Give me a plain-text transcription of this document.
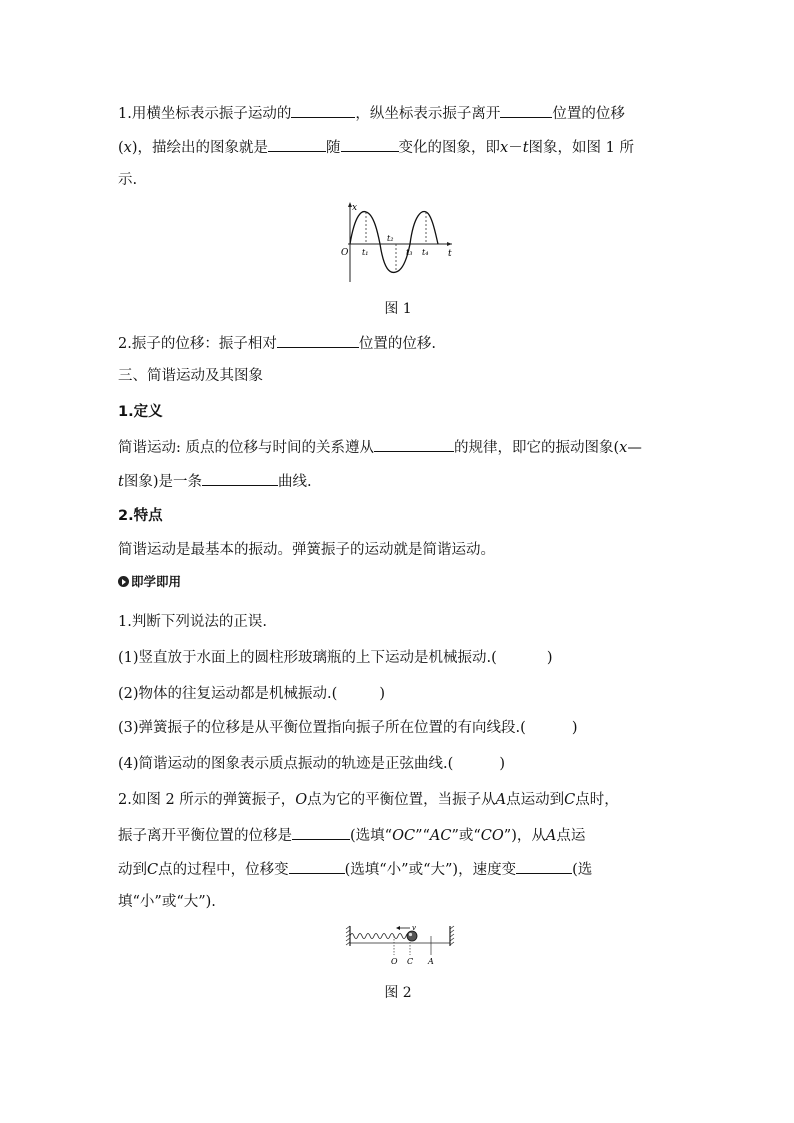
1.用横坐标表示振子运动的	，纵坐标表示振子离开	位置的位移
(x)，描绘出的图象就是	随	变化的图象，即x－t图象，如图 1 所
示.
x
t
O t₁
t₂
t₃ t₄
图 1
2.振子的位移：振子相对	位置的位移.
三、简谐运动及其图象
1.定义
简谐运动: 质点的位移与时间的关系遵从	的规律，即它的振动图象(x—
t图象)是一条	曲线.
2.特点
简谐运动是最基本的振动。弹簧振子的运动就是简谐运动。
即学即用
1.判断下列说法的正误.
(1)竖直放于水面上的圆柱形玻璃瓶的上下运动是机械振动.(	)
(2)物体的往复运动都是机械振动.(	)
(3)弹簧振子的位移是从平衡位置指向振子所在位置的有向线段.(	)
(4)简谐运动的图象表示质点振动的轨迹是正弦曲线.(	)
2.如图 2 所示的弹簧振子，O点为它的平衡位置，当振子从A点运动到C点时，
振子离开平衡位置的位移是	(选填“OC”“AC”或“CO”)，从A点运
动到C点的过程中，位移变	(选填“小”或“大”)，速度变	(选
填“小”或“大”).
v
O C A
图 2
